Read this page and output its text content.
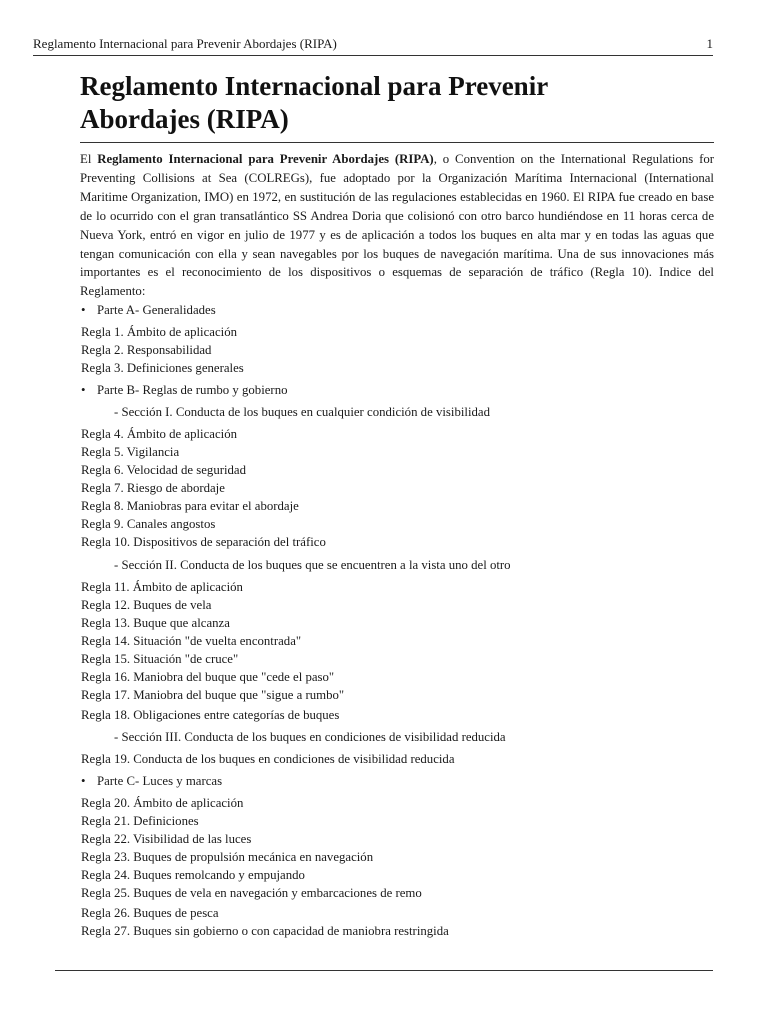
Reglamento Internacional para Prevenir Abordajes (RIPA)	1
Reglamento Internacional para Prevenir
Abordajes (RIPA)

El Reglamento Internacional para Prevenir Abordajes (RIPA), o Convention on the International Regulations for Preventing Collisions at Sea (COLREGs), fue adoptado por la Organización Marítima Internacional (International Maritime Organization, IMO) en 1972, en sustitución de las regulaciones establecidas en 1960. El RIPA fue creado en base de lo ocurrido con el gran transatlántico SS Andrea Doria que colisionó con otro barco hundiéndose en 11 horas cerca de Nueva York, entró en vigor en julio de 1977 y es de aplicación a todos los buques en alta mar y en todas las aguas que tengan comunicación con ella y sean navegables por los buques de navegación marítima. Una de sus innovaciones más importantes es el reconocimiento de los dispositivos o esquemas de separación de tráfico (Regla 10). Indice del Reglamento:

• Parte A- Generalidades
Regla 1. Ámbito de aplicación
Regla 2. Responsabilidad
Regla 3. Definiciones generales
• Parte B- Reglas de rumbo y gobierno
- Sección I. Conducta de los buques en cualquier condición de visibilidad
Regla 4. Ámbito de aplicación
Regla 5. Vigilancia
Regla 6. Velocidad de seguridad
Regla 7. Riesgo de abordaje
Regla 8. Maniobras para evitar el abordaje
Regla 9. Canales angostos
Regla 10. Dispositivos de separación del tráfico
- Sección II. Conducta de los buques que se encuentren a la vista uno del otro
Regla 11. Ámbito de aplicación
Regla 12. Buques de vela
Regla 13. Buque que alcanza
Regla 14. Situación "de vuelta encontrada"
Regla 15. Situación "de cruce"
Regla 16. Maniobra del buque que "cede el paso"
Regla 17. Maniobra del buque que "sigue a rumbo"
Regla 18. Obligaciones entre categorías de buques
- Sección III. Conducta de los buques en condiciones de visibilidad reducida
Regla 19. Conducta de los buques en condiciones de visibilidad reducida
• Parte C- Luces y marcas
Regla 20. Ámbito de aplicación
Regla 21. Definiciones
Regla 22. Visibilidad de las luces
Regla 23. Buques de propulsión mecánica en navegación
Regla 24. Buques remolcando y empujando
Regla 25. Buques de vela en navegación y embarcaciones de remo
Regla 26. Buques de pesca
Regla 27. Buques sin gobierno o con capacidad de maniobra restringida
